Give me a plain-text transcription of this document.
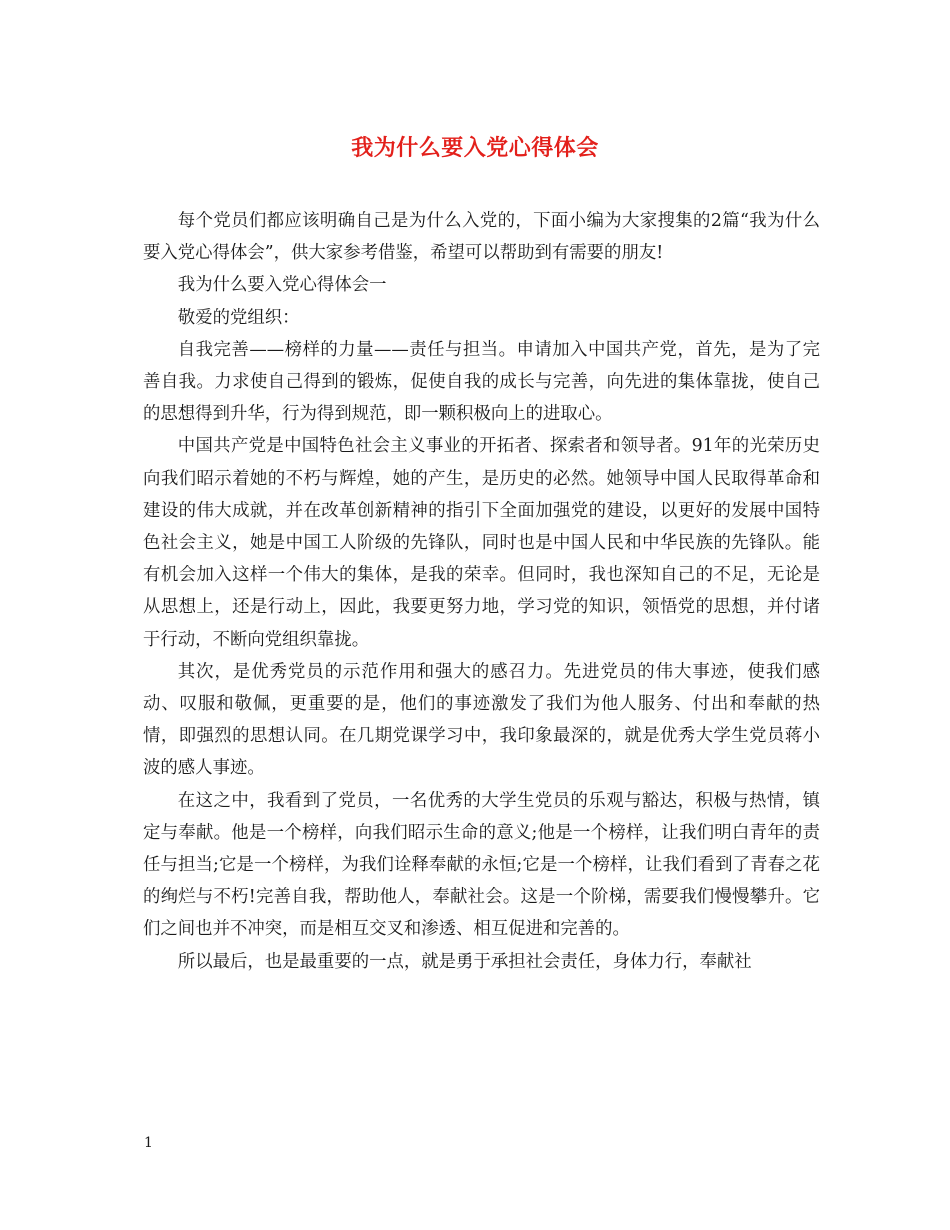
我为什么要入党心得体会

每个党员们都应该明确自己是为什么入党的，下面小编为大家搜集的2篇“我为什么要入党心得体会”，供大家参考借鉴，希望可以帮助到有需要的朋友!

我为什么要入党心得体会一

敬爱的党组织：

自我完善——榜样的力量——责任与担当。申请加入中国共产党，首先，是为了完善自我。力求使自己得到的锻炼，促使自我的成长与完善，向先进的集体靠拢，使自己的思想得到升华，行为得到规范，即一颗积极向上的进取心。

中国共产党是中国特色社会主义事业的开拓者、探索者和领导者。91年的光荣历史向我们昭示着她的不朽与辉煌，她的产生，是历史的必然。她领导中国人民取得革命和建设的伟大成就，并在改革创新精神的指引下全面加强党的建设，以更好的发展中国特色社会主义，她是中国工人阶级的先锋队，同时也是中国人民和中华民族的先锋队。能有机会加入这样一个伟大的集体，是我的荣幸。但同时，我也深知自己的不足，无论是从思想上，还是行动上，因此，我要更努力地，学习党的知识，领悟党的思想，并付诸于行动，不断向党组织靠拢。

其次，是优秀党员的示范作用和强大的感召力。先进党员的伟大事迹，使我们感动、叹服和敬佩，更重要的是，他们的事迹激发了我们为他人服务、付出和奉献的热情，即强烈的思想认同。在几期党课学习中，我印象最深的，就是优秀大学生党员蒋小波的感人事迹。

在这之中，我看到了党员，一名优秀的大学生党员的乐观与豁达，积极与热情，镇定与奉献。他是一个榜样，向我们昭示生命的意义;他是一个榜样，让我们明白青年的责任与担当;它是一个榜样，为我们诠释奉献的永恒;它是一个榜样，让我们看到了青春之花的绚烂与不朽!完善自我，帮助他人，奉献社会。这是一个阶梯，需要我们慢慢攀升。它们之间也并不冲突，而是相互交叉和渗透、相互促进和完善的。

所以最后，也是最重要的一点，就是勇于承担社会责任，身体力行，奉献社

1
